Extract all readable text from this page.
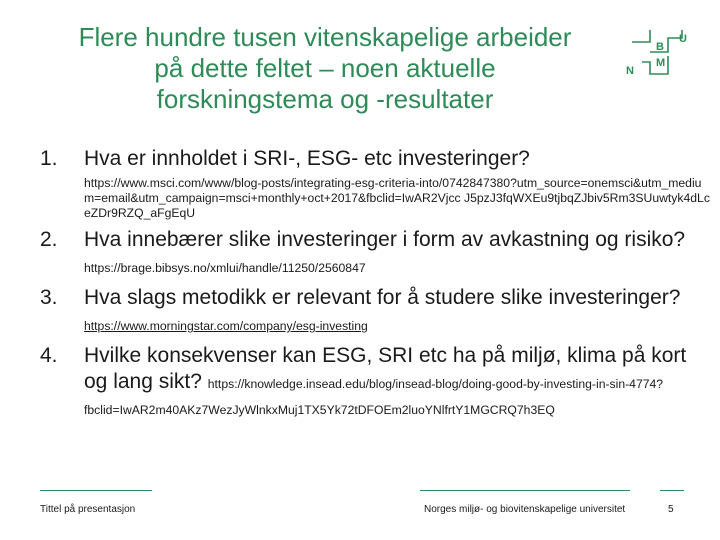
Flere hundre tusen vitenskapelige arbeider
på dette feltet – noen aktuelle
forskningstema og -resultater
N
B
M
U
1.	Hva er innholdet i SRI-, ESG- etc investeringer?
https://www.msci.com/www/blog-posts/integrating-esg-criteria-into/0742847380?utm_source=onemsci&utm_medium=email&utm_campaign=msci+monthly+oct+2017&fbclid=IwAR2Vjcc J5pzJ3fqWXEu9tjbqZJbiv5Rm3SUuwtyk4dLceZDr9RZQ_aFgEqU
2.	Hva innebærer slike investeringer i form av avkastning og risiko? https://brage.bibsys.no/xmlui/handle/11250/2560847
3.	Hva slags metodikk er relevant for å studere slike investeringer? https://www.morningstar.com/company/esg-investing
4.	Hvilke konsekvenser kan ESG, SRI etc ha på miljø, klima på kort og lang sikt? https://knowledge.insead.edu/blog/insead-blog/doing-good-by-investing-in-sin-4774?fbclid=IwAR2m40AKz7WezJyWlnkxMuj1TX5Yk72tDFOEm2luoYNlfrtY1MGCRQ7h3EQ
Tittel på presentasjon	Norges miljø- og biovitenskapelige universitet	5
